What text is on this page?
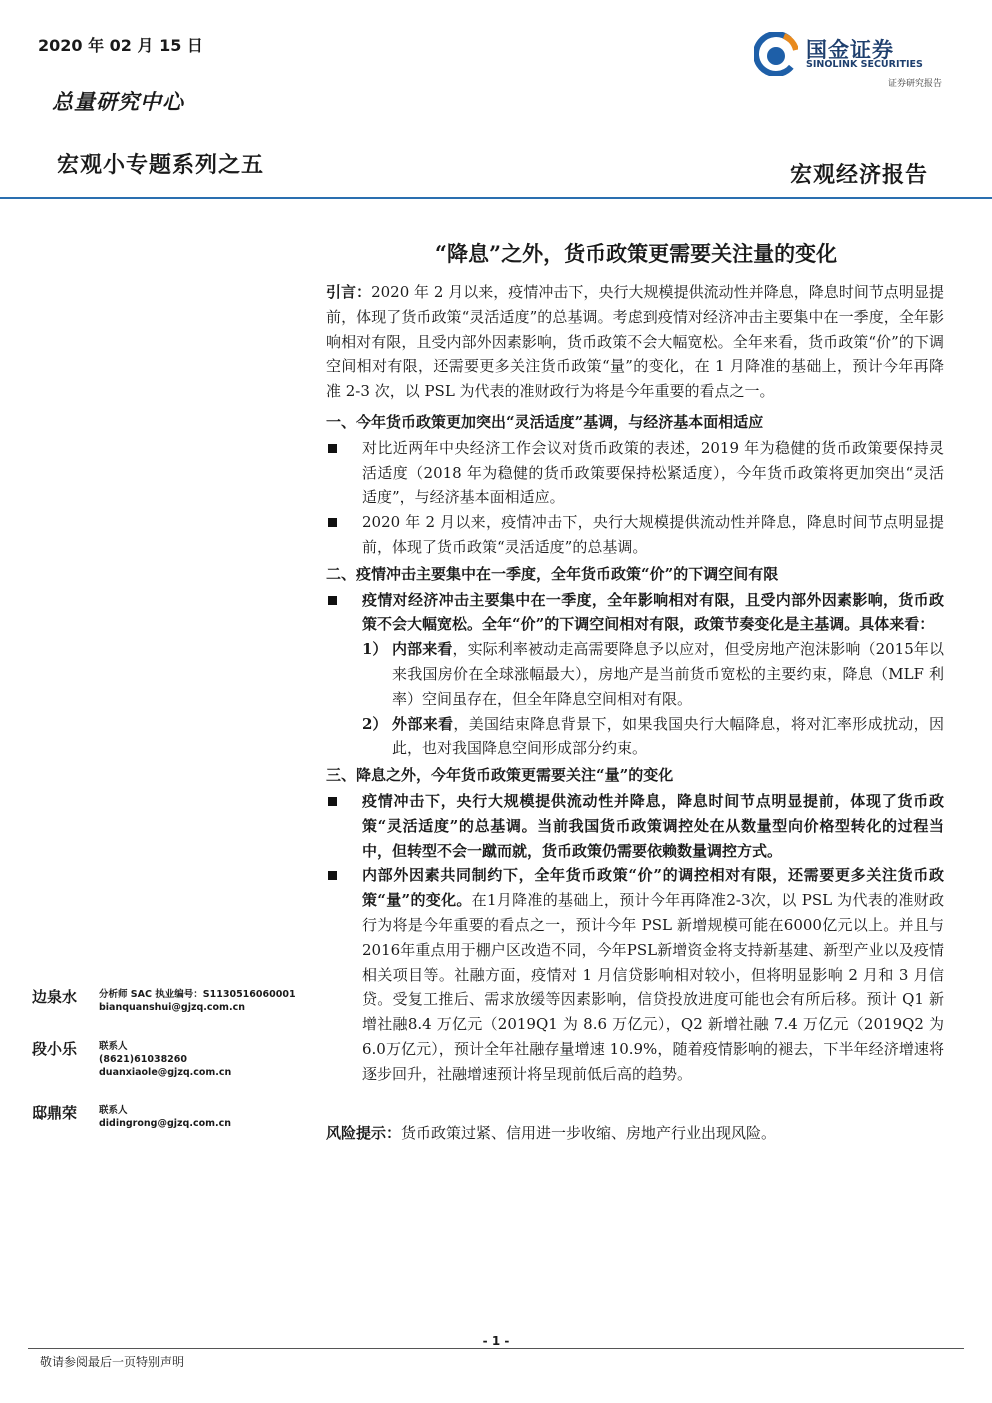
2020 年 02 月 15 日
总量研究中心
宏观小专题系列之五	宏观经济报告
国金证券
SINOLINK SECURITIES
证券研究报告
“降息”之外，货币政策更需要关注量的变化

引言：2020 年 2 月以来，疫情冲击下，央行大规模提供流动性并降息，降息时间节点明显提前，体现了货币政策“灵活适度”的总基调。考虑到疫情对经济冲击主要集中在一季度，全年影响相对有限，且受内部外因素影响，货币政策不会大幅宽松。全年来看，货币政策“价”的下调空间相对有限，还需要更多关注货币政策“量”的变化，在 1 月降准的基础上，预计今年再降准 2-3 次，以 PSL 为代表的准财政行为将是今年重要的看点之一。

一、今年货币政策更加突出“灵活适度”基调，与经济基本面相适应

对比近两年中央经济工作会议对货币政策的表述，2019 年为稳健的货币政策要保持灵活适度（2018 年为稳健的货币政策要保持松紧适度），今年货币政策将更加突出“灵活适度”，与经济基本面相适应。

2020 年 2 月以来，疫情冲击下，央行大规模提供流动性并降息，降息时间节点明显提前，体现了货币政策“灵活适度”的总基调。

二、疫情冲击主要集中在一季度，全年货币政策“价”的下调空间有限

疫情对经济冲击主要集中在一季度，全年影响相对有限，且受内部外因素影响，货币政策不会大幅宽松。全年“价”的下调空间相对有限，政策节奏变化是主基调。具体来看：

1） 内部来看，实际利率被动走高需要降息予以应对，但受房地产泡沫影响（2015年以来我国房价在全球涨幅最大），房地产是当前货币宽松的主要约束，降息（MLF 利率）空间虽存在，但全年降息空间相对有限。

2） 外部来看，美国结束降息背景下，如果我国央行大幅降息，将对汇率形成扰动，因此，也对我国降息空间形成部分约束。

三、降息之外，今年货币政策更需要关注“量”的变化

疫情冲击下，央行大规模提供流动性并降息，降息时间节点明显提前，体现了货币政策“灵活适度”的总基调。当前我国货币政策调控处在从数量型向价格型转化的过程当中，但转型不会一蹴而就，货币政策仍需要依赖数量调控方式。

内部外因素共同制约下，全年货币政策“价”的调控相对有限，还需要更多关注货币政策“量”的变化。在1月降准的基础上，预计今年再降准2-3次，以 PSL 为代表的准财政行为将是今年重要的看点之一，预计今年 PSL 新增规模可能在6000亿元以上。并且与2016年重点用于棚户区改造不同，今年PSL新增资金将支持新基建、新型产业以及疫情相关项目等。社融方面，疫情对 1 月信贷影响相对较小，但将明显影响 2 月和 3 月信贷。受复工推后、需求放缓等因素影响，信贷投放进度可能也会有所后移。预计 Q1 新增社融8.4 万亿元（2019Q1 为 8.6 万亿元），Q2 新增社融 7.4 万亿元（2019Q2 为 6.0万亿元），预计全年社融存量增速 10.9%，随着疫情影响的褪去，下半年经济增速将逐步回升，社融增速预计将呈现前低后高的趋势。

风险提示：货币政策过紧、信用进一步收缩、房地产行业出现风险。

边泉水 分析师 SAC 执业编号：S1130516060001
bianquanshui@gjzq.com.cn
段小乐 联系人
(8621)61038260
duanxiaole@gjzq.com.cn
邸鼎荣 联系人
didingrong@gjzq.com.cn
- 1 -
敬请参阅最后一页特别声明
